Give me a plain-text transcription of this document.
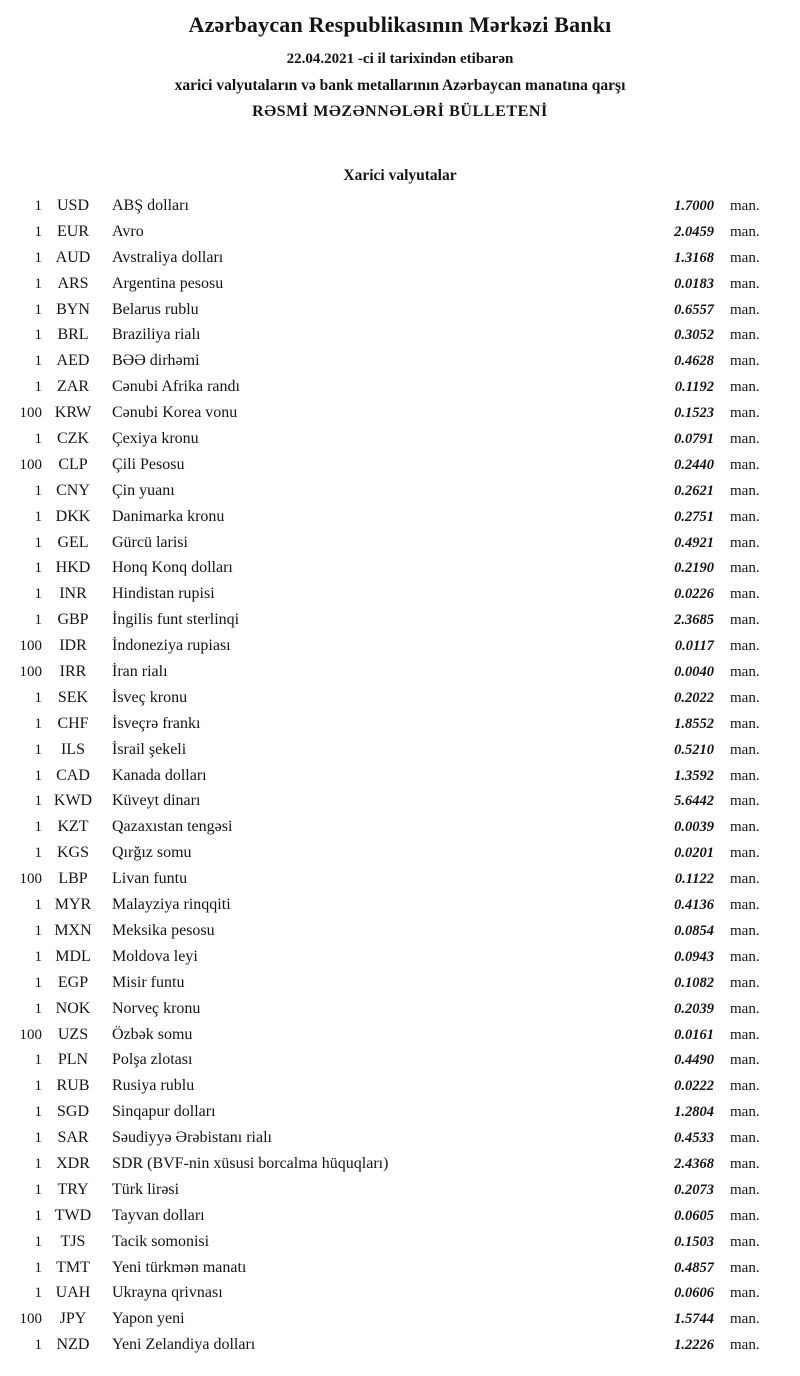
Azərbaycan Respublikasının Mərkəzi Bankı
22.04.2021 -ci il tarixindən etibarən
xarici valyutaların və bank metallarının Azərbaycan manatına qarşı
RƏSMİ MƏZƏNNƏLƏRİ BÜLLETENİ
Xarici valyutalar
1 USD	ABŞ dolları	1.7000	man.
1 EUR	Avro	2.0459	man.
1 AUD	Avstraliya dolları	1.3168	man.
1 ARS	Argentina pesosu	0.0183	man.
1 BYN	Belarus rublu	0.6557	man.
1 BRL	Braziliya rialı	0.3052	man.
1 AED	BƏƏ dirhəmi	0.4628	man.
1 ZAR	Cənubi Afrika randı	0.1192	man.
100 KRW	Cənubi Korea vonu	0.1523	man.
1 CZK	Çexiya kronu	0.0791	man.
100	CLP	Çili Pesosu	0.2440	man.
1 CNY	Çin yuanı	0.2621	man.
1 DKK	Danimarka kronu	0.2751	man.
1 GEL	Gürcü larisi	0.4921	man.
1 HKD	Honq Konq dolları	0.2190	man.
1	INR	Hindistan rupisi	0.0226	man.
1 GBP	İngilis funt sterlinqi	2.3685	man.
100	IDR	İndoneziya rupiası	0.0117	man.
100	IRR	İran rialı	0.0040	man.
1 SEK	İsveç kronu	0.2022	man.
1 CHF	İsveçrə frankı	1.8552	man.
1	ILS	İsrail şekeli	0.5210	man.
1 CAD	Kanada dolları	1.3592	man.
1 KWD	Küveyt dinarı	5.6442	man.
1 KZT	Qazaxıstan tengəsi	0.0039	man.
1 KGS	Qırğız somu	0.0201	man.
100	LBP	Livan funtu	0.1122	man.
1 MYR	Malayziya rinqqiti	0.4136	man.
1 MXN	Meksika pesosu	0.0854	man.
1 MDL	Moldova leyi	0.0943	man.
1 EGP	Misir funtu	0.1082	man.
1 NOK	Norveç kronu	0.2039	man.
100 UZS	Özbək somu	0.0161	man.
1 PLN	Polşa zlotası	0.4490	man.
1 RUB	Rusiya rublu	0.0222	man.
1 SGD	Sinqapur dolları	1.2804	man.
1 SAR	Səudiyyə Ərəbistanı rialı	0.4533	man.
1 XDR	SDR (BVF-nin xüsusi borcalma hüquqları)	2.4368	man.
1 TRY	Türk lirəsi	0.2073	man.
1 TWD	Tayvan dolları	0.0605	man.
1	TJS	Tacik somonisi	0.1503	man.
1 TMT	Yeni türkmən manatı	0.4857	man.
1 UAH	Ukrayna qrivnası	0.0606	man.
100	JPY	Yapon yeni	1.5744	man.
1 NZD	Yeni Zelandiya dolları	1.2226	man.
